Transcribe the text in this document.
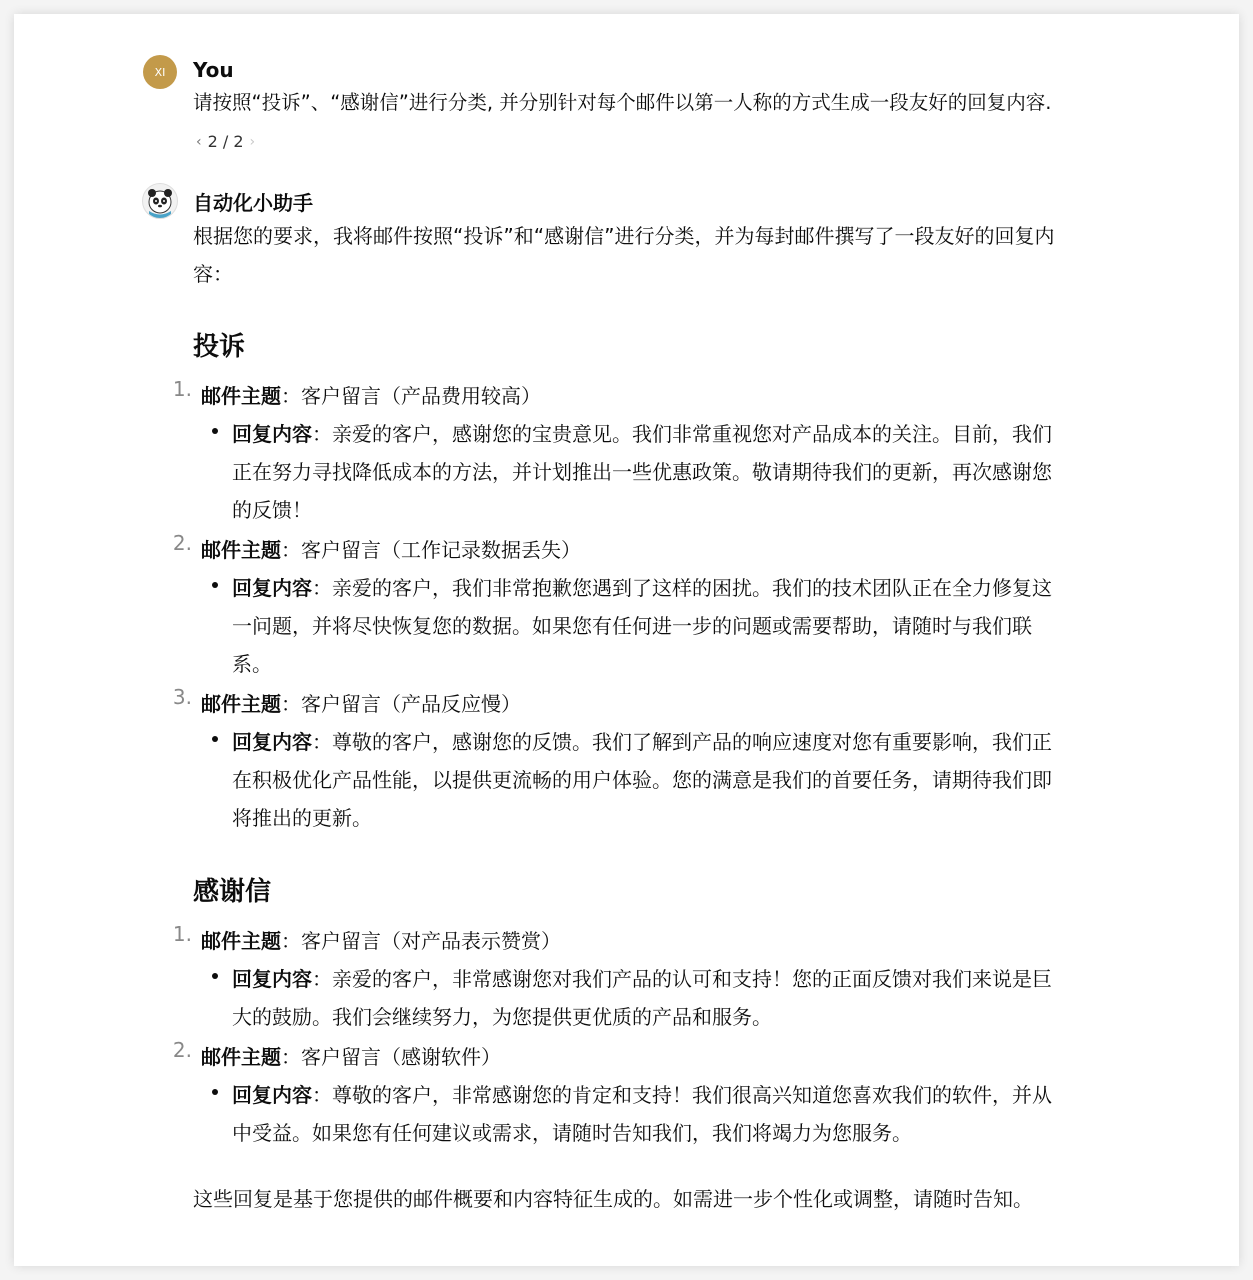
XI You
请按照“投诉”、“感谢信”进行分类, 并分别针对每个邮件以第一人称的方式生成一段友好的回复内容.
‹ 2 / 2 ›
自动化小助手
根据您的要求，我将邮件按照“投诉”和“感谢信”进行分类，并为每封邮件撰写了一段友好的回复内
容：
投诉
1. 邮件主题：客户留言（产品费用较高）
回复内容：亲爱的客户，感谢您的宝贵意见。我们非常重视您对产品成本的关注。目前，我们
正在努力寻找降低成本的方法，并计划推出一些优惠政策。敬请期待我们的更新，再次感谢您
的反馈！
2. 邮件主题：客户留言（工作记录数据丢失）
回复内容：亲爱的客户，我们非常抱歉您遇到了这样的困扰。我们的技术团队正在全力修复这
一问题，并将尽快恢复您的数据。如果您有任何进一步的问题或需要帮助，请随时与我们联
系。
3. 邮件主题：客户留言（产品反应慢）
回复内容：尊敬的客户，感谢您的反馈。我们了解到产品的响应速度对您有重要影响，我们正
在积极优化产品性能，以提供更流畅的用户体验。您的满意是我们的首要任务，请期待我们即
将推出的更新。
感谢信
1. 邮件主题：客户留言（对产品表示赞赏）
回复内容：亲爱的客户，非常感谢您对我们产品的认可和支持！您的正面反馈对我们来说是巨
大的鼓励。我们会继续努力，为您提供更优质的产品和服务。
2. 邮件主题：客户留言（感谢软件）
回复内容：尊敬的客户，非常感谢您的肯定和支持！我们很高兴知道您喜欢我们的软件，并从
中受益。如果您有任何建议或需求，请随时告知我们，我们将竭力为您服务。
这些回复是基于您提供的邮件概要和内容特征生成的。如需进一步个性化或调整，请随时告知。
